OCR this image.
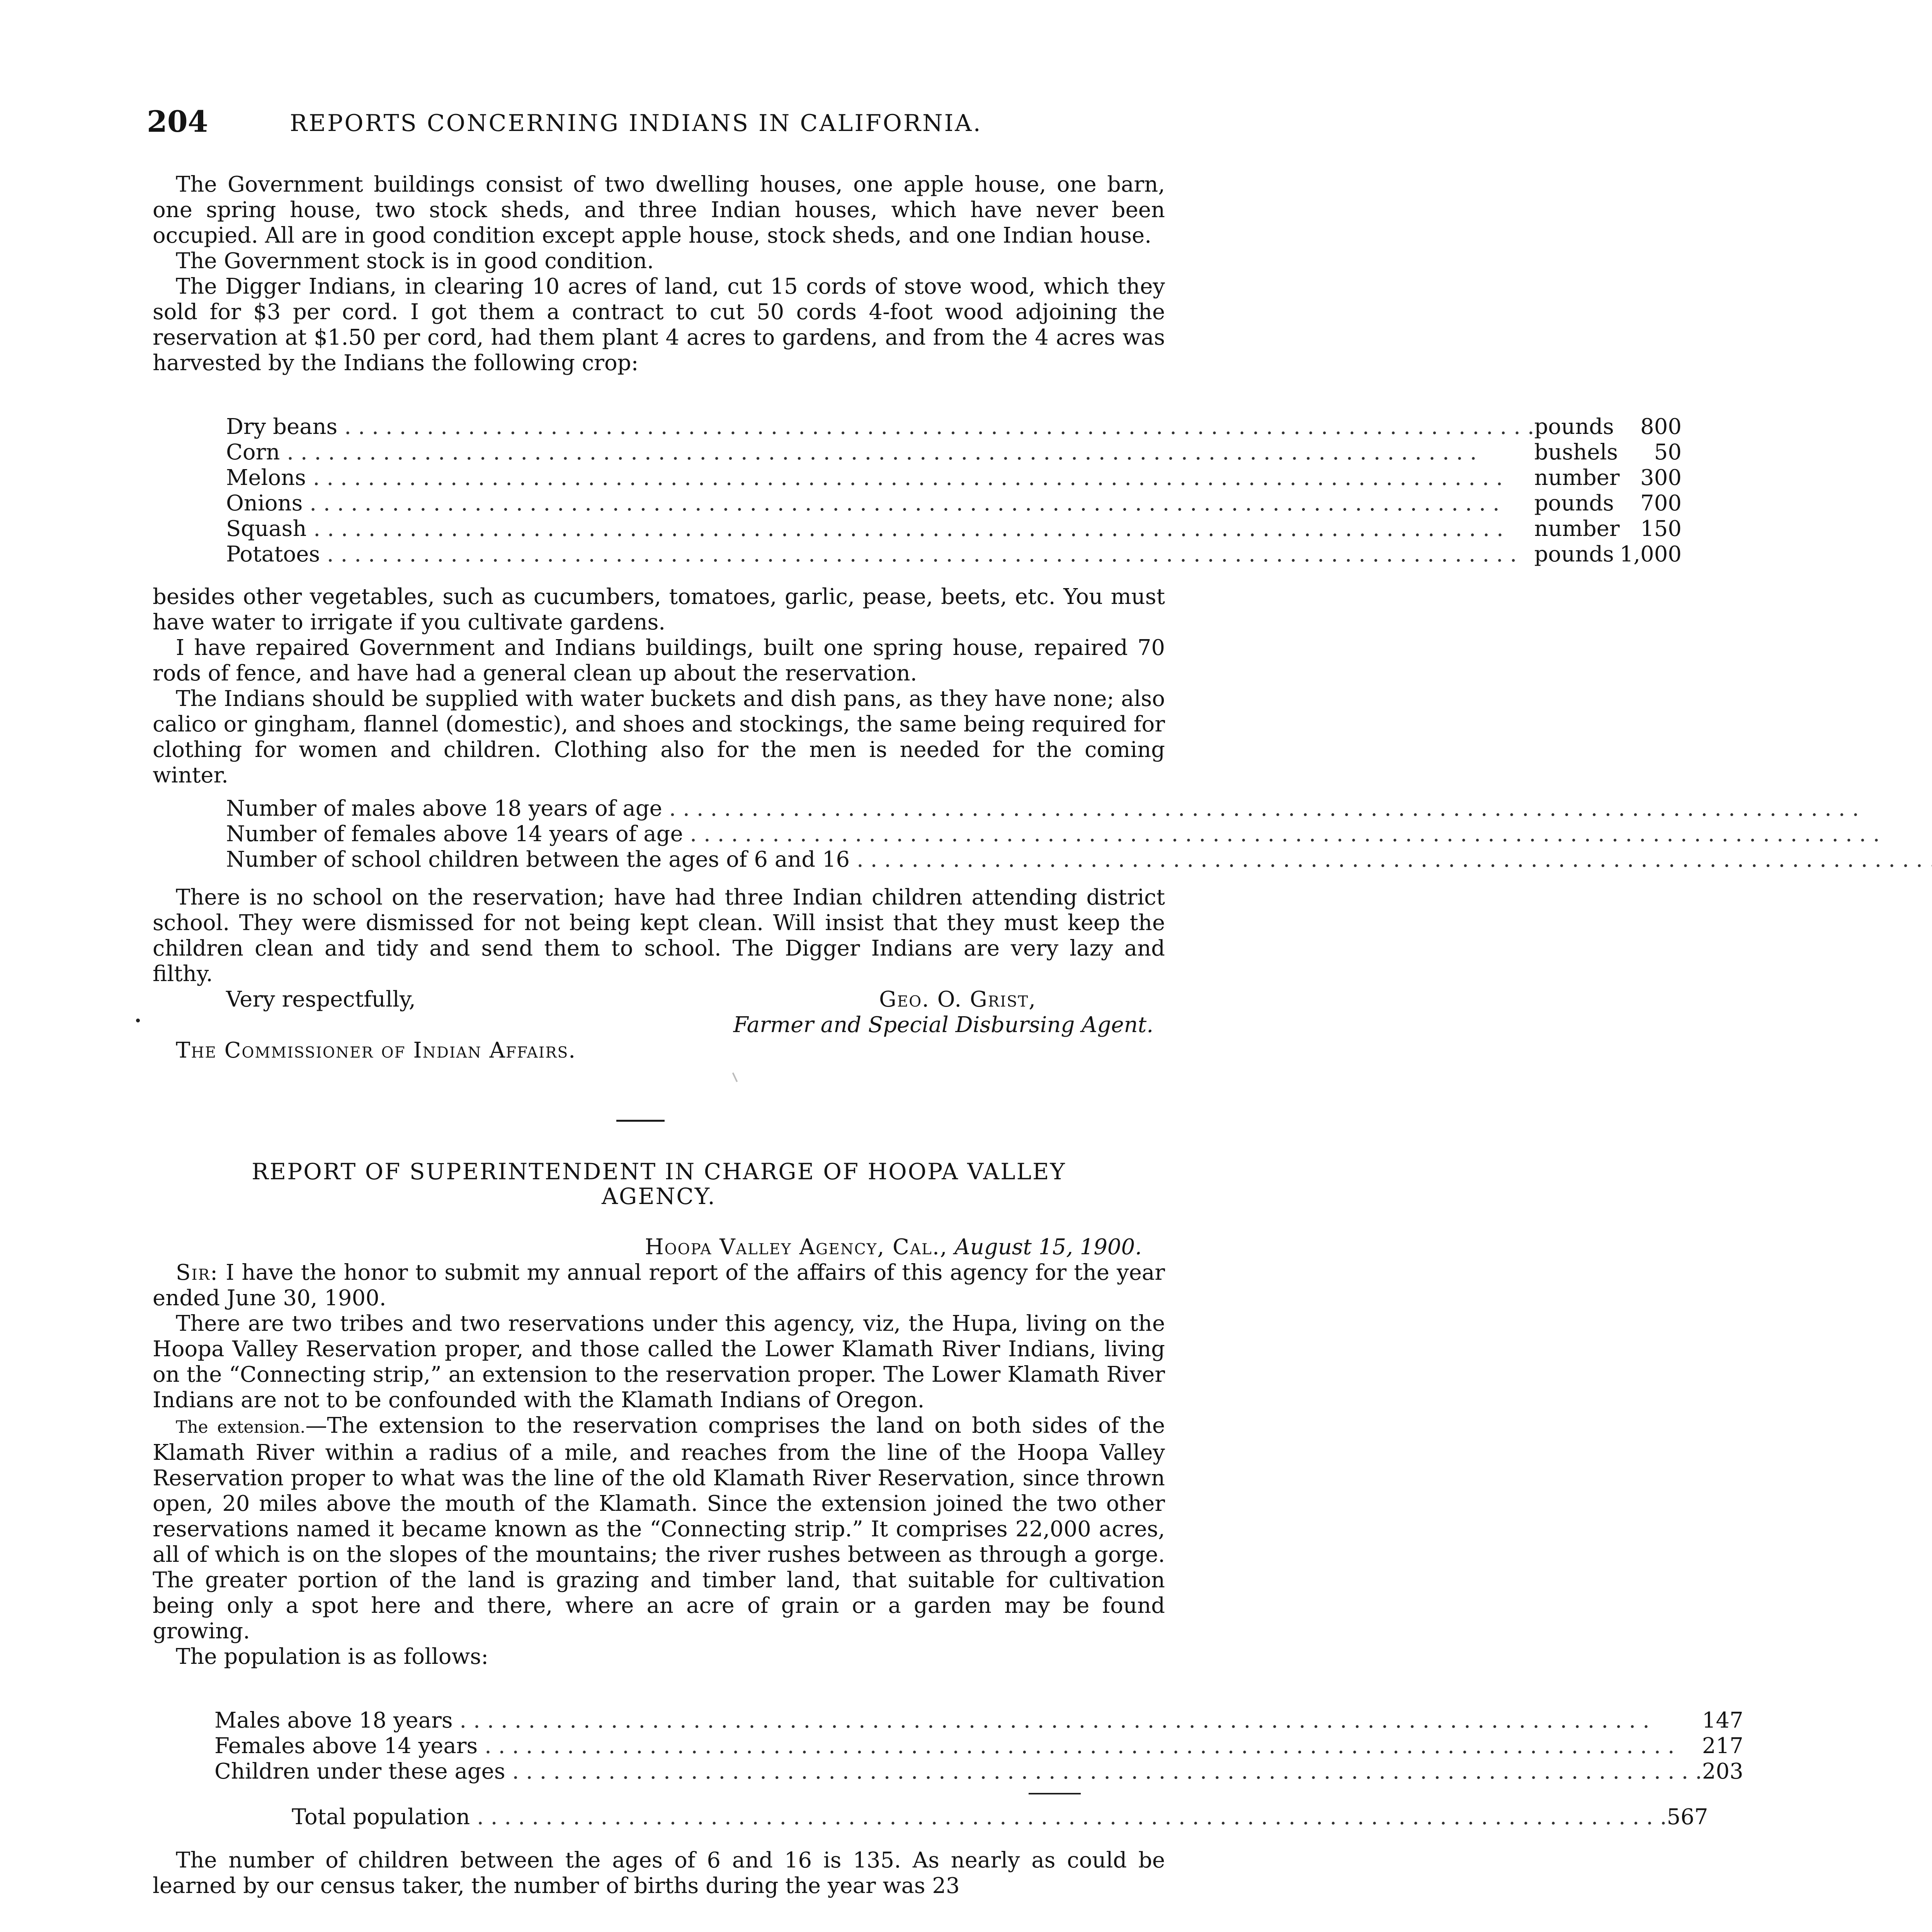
204	REPORTS CONCERNING INDIANS IN CALIFORNIA.

The Government buildings consist of two dwelling houses, one apple house, one barn, one spring house, two stock sheds, and three Indian houses, which have never been occupied. All are in good condition except apple house, stock sheds, and one Indian house.

The Government stock is in good condition.

The Digger Indians, in clearing 10 acres of land, cut 15 cords of stove wood, which they sold for $3 per cord. I got them a contract to cut 50 cords 4-foot wood adjoining the reservation at $1.50 per cord, had them plant 4 acres to gardens, and from the 4 acres was harvested by the Indians the following crop:

Dry beans . . .	pounds	800
Corn . . .	bushels	50
Melons . . .	number	300
Onions . . .	pounds	700
Squash . . .	number	150
Potatoes . . .	pounds	1,000

besides other vegetables, such as cucumbers, tomatoes, garlic, pease, beets, etc. You must have water to irrigate if you cultivate gardens.

I have repaired Government and Indians buildings, built one spring house, repaired 70 rods of fence, and have had a general clean up about the reservation.

The Indians should be supplied with water buckets and dish pans, as they have none; also calico or gingham, flannel (domestic), and shoes and stockings, the same being required for clothing for women and children. Clothing also for the men is needed for the coming winter.

Number of males above 18 years of age . . .	
Number of females above 14 years of age . . .	
Number of school children between the ages of 6 and 16 . . .	

There is no school on the reservation; have had three Indian children attending district school. They were dismissed for not being kept clean. Will insist that they must keep the children clean and tidy and send them to school. The Digger Indians are very lazy and filthy.

Very respectfully,	Geo. O. Grist,

Farmer and Special Disbursing Agent.

The Commissioner of Indian Affairs.

REPORT OF SUPERINTENDENT IN CHARGE OF HOOPA VALLEY
AGENCY.

Hoopa Valley Agency, Cal., August 15, 1900.

Sir: I have the honor to submit my annual report of the affairs of this agency for the year ended June 30, 1900.

There are two tribes and two reservations under this agency, viz, the Hupa, living on the Hoopa Valley Reservation proper, and those called the Lower Klamath River Indians, living on the “Connecting strip,” an extension to the reservation proper. The Lower Klamath River Indians are not to be confounded with the Klamath Indians of Oregon.

The extension.—The extension to the reservation comprises the land on both sides of the Klamath River within a radius of a mile, and reaches from the line of the Hoopa Valley Reservation proper to what was the line of the old Klamath River Reservation, since thrown open, 20 miles above the mouth of the Klamath. Since the extension joined the two other reservations named it became known as the “Connecting strip.” It comprises 22,000 acres, all of which is on the slopes of the mountains; the river rushes between as through a gorge. The greater portion of the land is grazing and timber land, that suitable for cultivation being only a spot here and there, where an acre of grain or a garden may be found growing.

The population is as follows:

Males above 18 years . . .	147
Females above 14 years . . .	217
Children under these ages . . .	203
Total population . . .	567

The number of children between the ages of 6 and 16 is 135. As nearly as could be learned by our census taker, the number of births during the year was 23
